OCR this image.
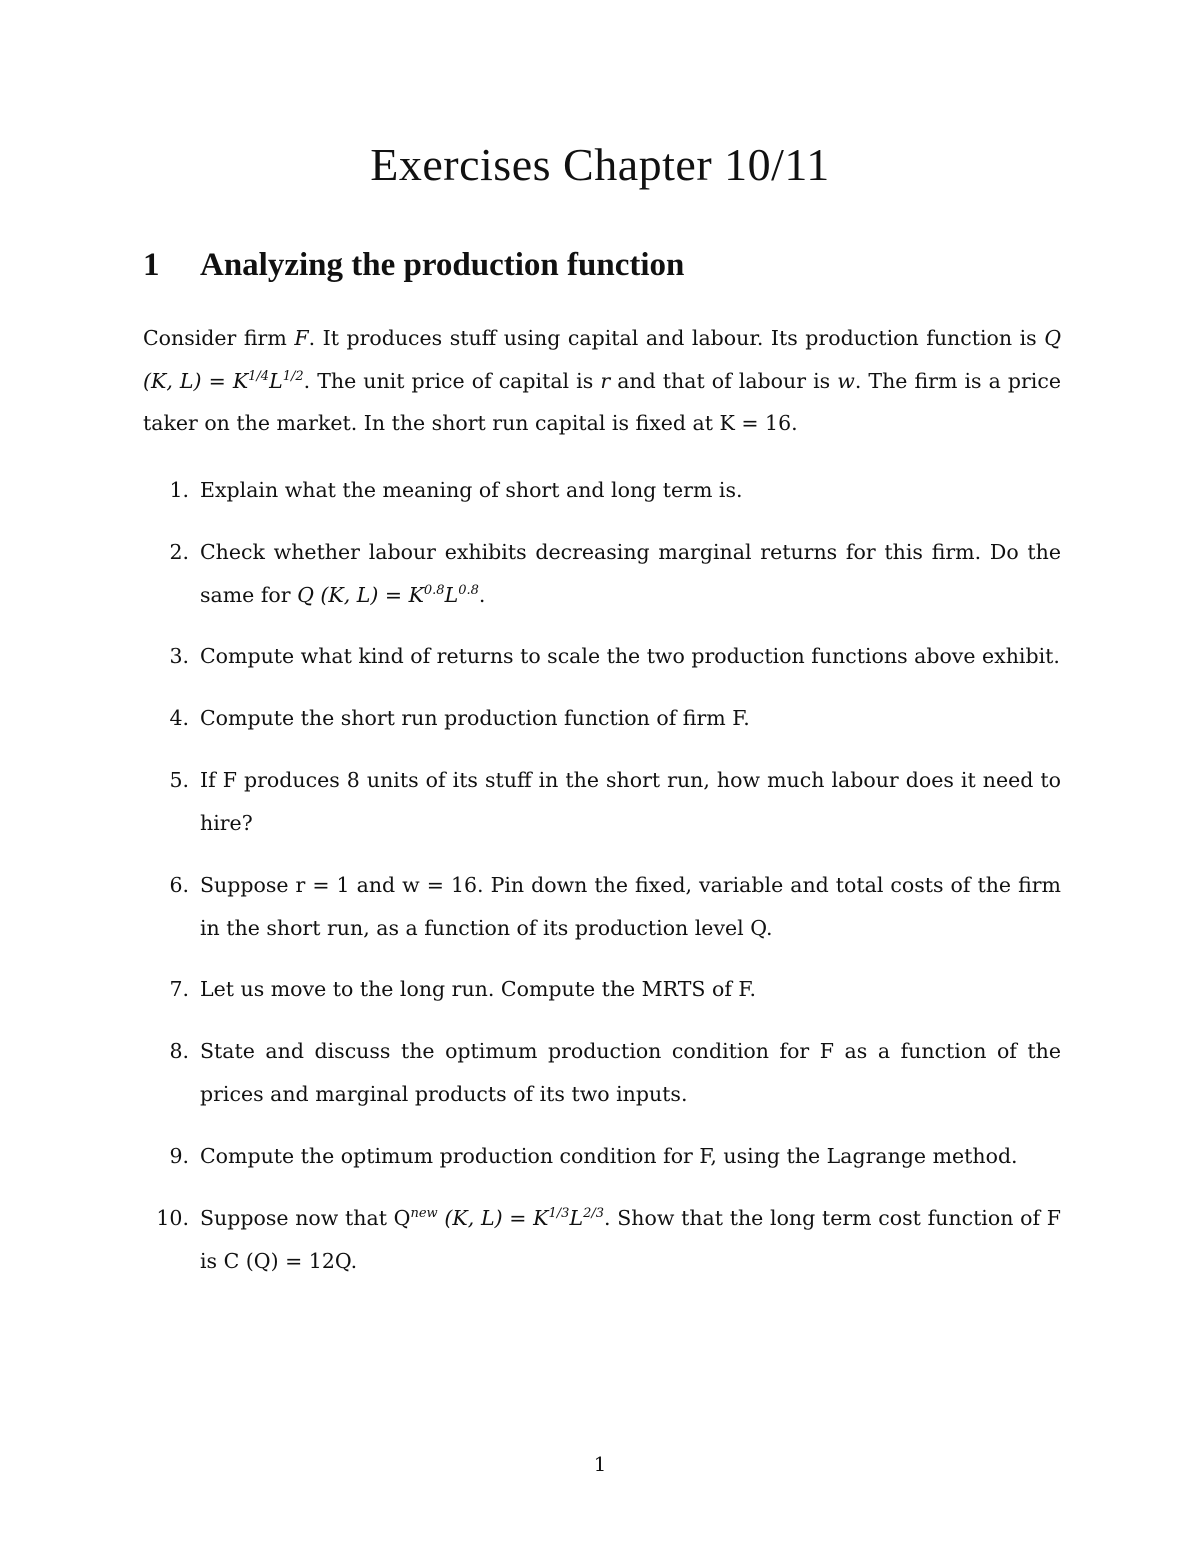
Exercises Chapter 10/11
1 Analyzing the production function

Consider firm F. It produces stuff using capital and labour. Its production function is Q (K, $L) = K^{1/4}L^{1/2}$. The unit price of capital is r and that of labour is w. The firm is a price taker on the market. In the short run capital is fixed at K = 16.

1. Explain what the meaning of short and long term is.
2. Check whether labour exhibits decreasing marginal returns for this firm. Do the same for Q (K, $L) = K^{0.8}L^{0.8}$.
3. Compute what kind of returns to scale the two production functions above exhibit.
4. Compute the short run production function of firm F.
5. If F produces 8 units of its stuff in the short run, how much labour does it need to hire?
6. Suppose r = 1 and w = 16. Pin down the fixed, variable and total costs of the firm in the short run, as a function of its production level Q.
7. Let us move to the long run. Compute the MRTS of F.
8. State and discuss the optimum production condition for F as a function of the prices and marginal products of its two inputs.
9. Compute the optimum production condition for F, using the Lagrange method.
10. Suppose now that $Q^{new}$ (K, $L) = K^{1/3}L^{2/3}$. Show that the long term cost function of F is C (Q) = 12Q.
1
